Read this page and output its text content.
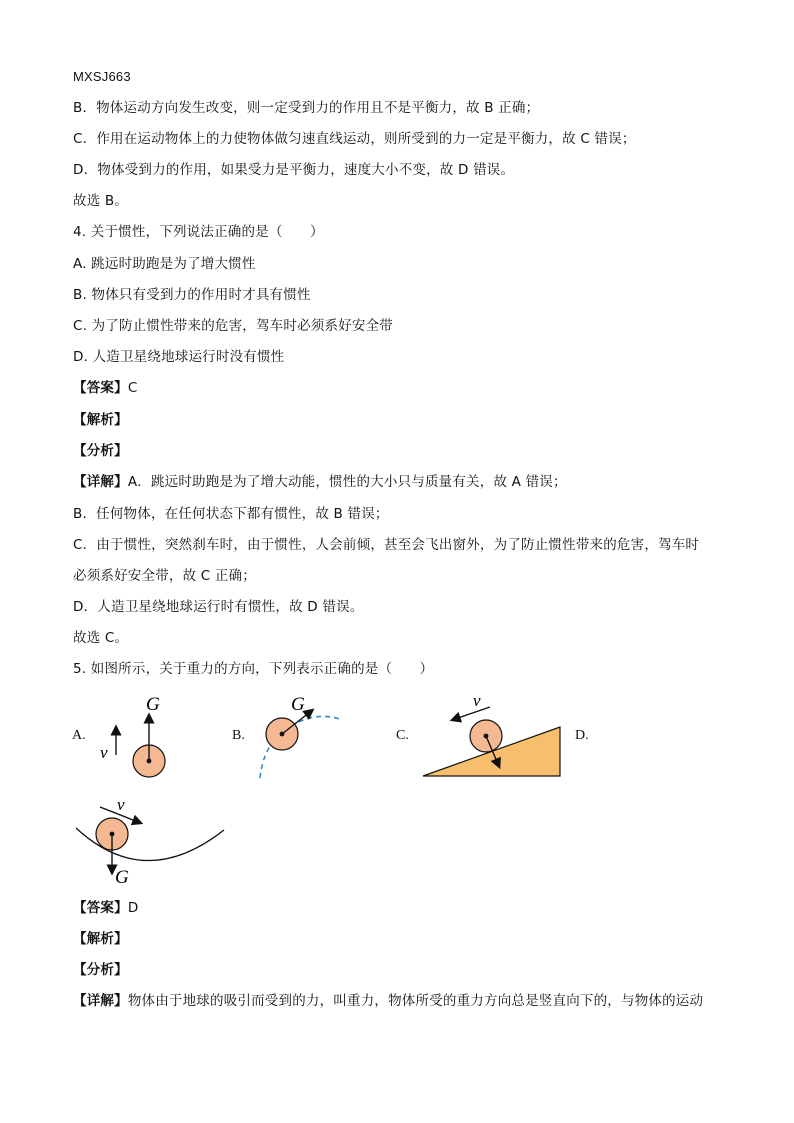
MXSJ663
B．物体运动方向发生改变，则一定受到力的作用且不是平衡力，故 B 正确；
C．作用在运动物体上的力使物体做匀速直线运动，则所受到的力一定是平衡力，故 C 错误；
D．物体受到力的作用，如果受力是平衡力，速度大小不变，故 D 错误。
故选 B。
4. 关于惯性，下列说法正确的是（　　）
A. 跳远时助跑是为了增大惯性
B. 物体只有受到力的作用时才具有惯性
C. 为了防止惯性带来的危害，驾车时必须系好安全带
D. 人造卫星绕地球运行时没有惯性
【答案】C
【解析】
【分析】
【详解】A．跳远时助跑是为了增大动能，惯性的大小只与质量有关，故 A 错误；
B．任何物体，在任何状态下都有惯性，故 B 错误；
C．由于惯性，突然刹车时，由于惯性，人会前倾，甚至会飞出窗外，为了防止惯性带来的危害，驾车时
必须系好安全带，故 C 正确；
D．人造卫星绕地球运行时有惯性，故 D 错误。
故选 C。
5. 如图所示，关于重力的方向，下列表示正确的是（　　）
A.	B.	C.	D.
G
v
G	v
v
G
【答案】D
【解析】
【分析】
【详解】物体由于地球的吸引而受到的力，叫重力，物体所受的重力方向总是竖直向下的，与物体的运动
